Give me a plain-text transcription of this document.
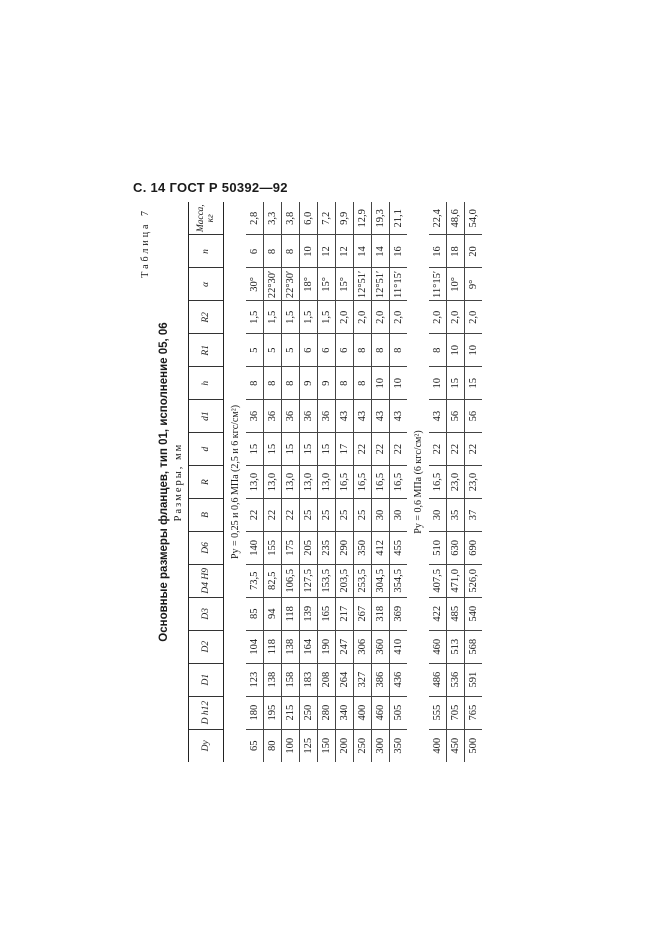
С. 14 ГОСТ Р 50392—92
Таблица 7
Основные размеры фланцев, тип 01, исполнение 05, 06 Размеры, мм
Dy	D h12	D1	D2	D3	D4 H9	D6	B	R	d	d1	h	R1	R2	α	n	Масса, кг
Py = 0,25 и 0,6 МПа (2,5 и 6 кгс/см²)																
65	180	123	104	85	73,5	140	22	13,0	15	36	8	5	1,5	30°	6	2,8
80	195	138	118	94	82,5	155	22	13,0	15	36	8	5	1,5	22°30′	8	3,3
100	215	158	138	118	106,5	175	22	13,0	15	36	8	5	1,5	22°30′	8	3,8
125	250	183	164	139	127,5	205	25	13,0	15	36	9	6	1,5	18°	10	6,0
150	280	208	190	165	153,5	235	25	13,0	15	36	9	6	1,5	15°	12	7,2
200	340	264	247	217	203,5	290	25	16,5	17	43	8	6	2,0	15°	12	9,9
250	400	327	306	267	253,5	350	25	16,5	22	43	8	8	2,0	12°51′	14	12,9
300	460	386	360	318	304,5	412	30	16,5	22	43	10	8	2,0	12°51′	14	19,3
350	505	436	410	369	354,5	455	30	16,5	22	43	10	8	2,0	11°15′	16	21,1
Py = 0,6 МПа (6 кгс/см²)																
400	555	486	460	422	407,5	510	30	16,5	22	43	10	8	2,0	11°15′	16	22,4
450	705	536	513	485	471,0	630	35	23,0	22	56	15	10	2,0	10°	18	48,6
500	765	591	568	540	526,0	690	37	23,0	22	56	15	10	2,0	9°	20	54,0
